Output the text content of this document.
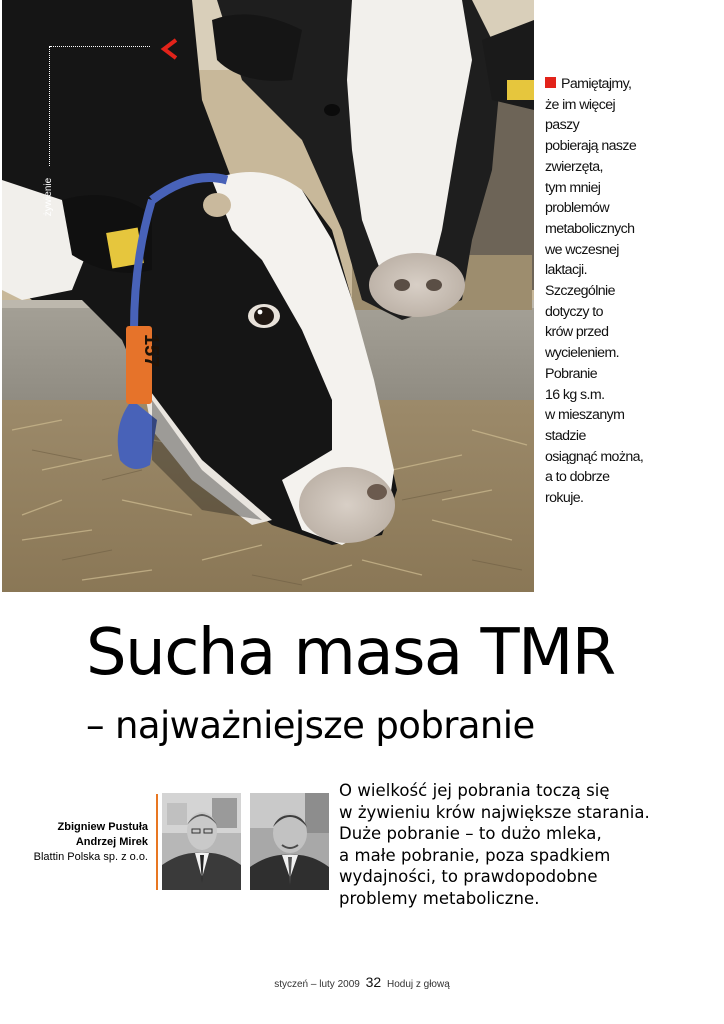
157
żywienie
Pamiętajmy,
że im więcej
paszy
pobierają nasze
zwierzęta,
tym mniej
problemów
metabolicznych
we wczesnej
laktacji.
Szczególnie
dotyczy to
krów przed
wycieleniem.
Pobranie
16 kg s.m.
w mieszanym
stadzie
osiągnąć można,
a to dobrze
rokuje.
Sucha masa TMR
– najważniejsze pobranie
Zbigniew Pustuła
Andrzej Mirek
Blattin Polska sp. z o.o.
O wielkość jej pobrania toczą się
w żywieniu krów największe starania.
Duże pobranie – to dużo mleka,
a małe pobranie, poza spadkiem
wydajności, to prawdopodobne
problemy metaboliczne.
styczeń – luty 2009 32 Hoduj z głową
